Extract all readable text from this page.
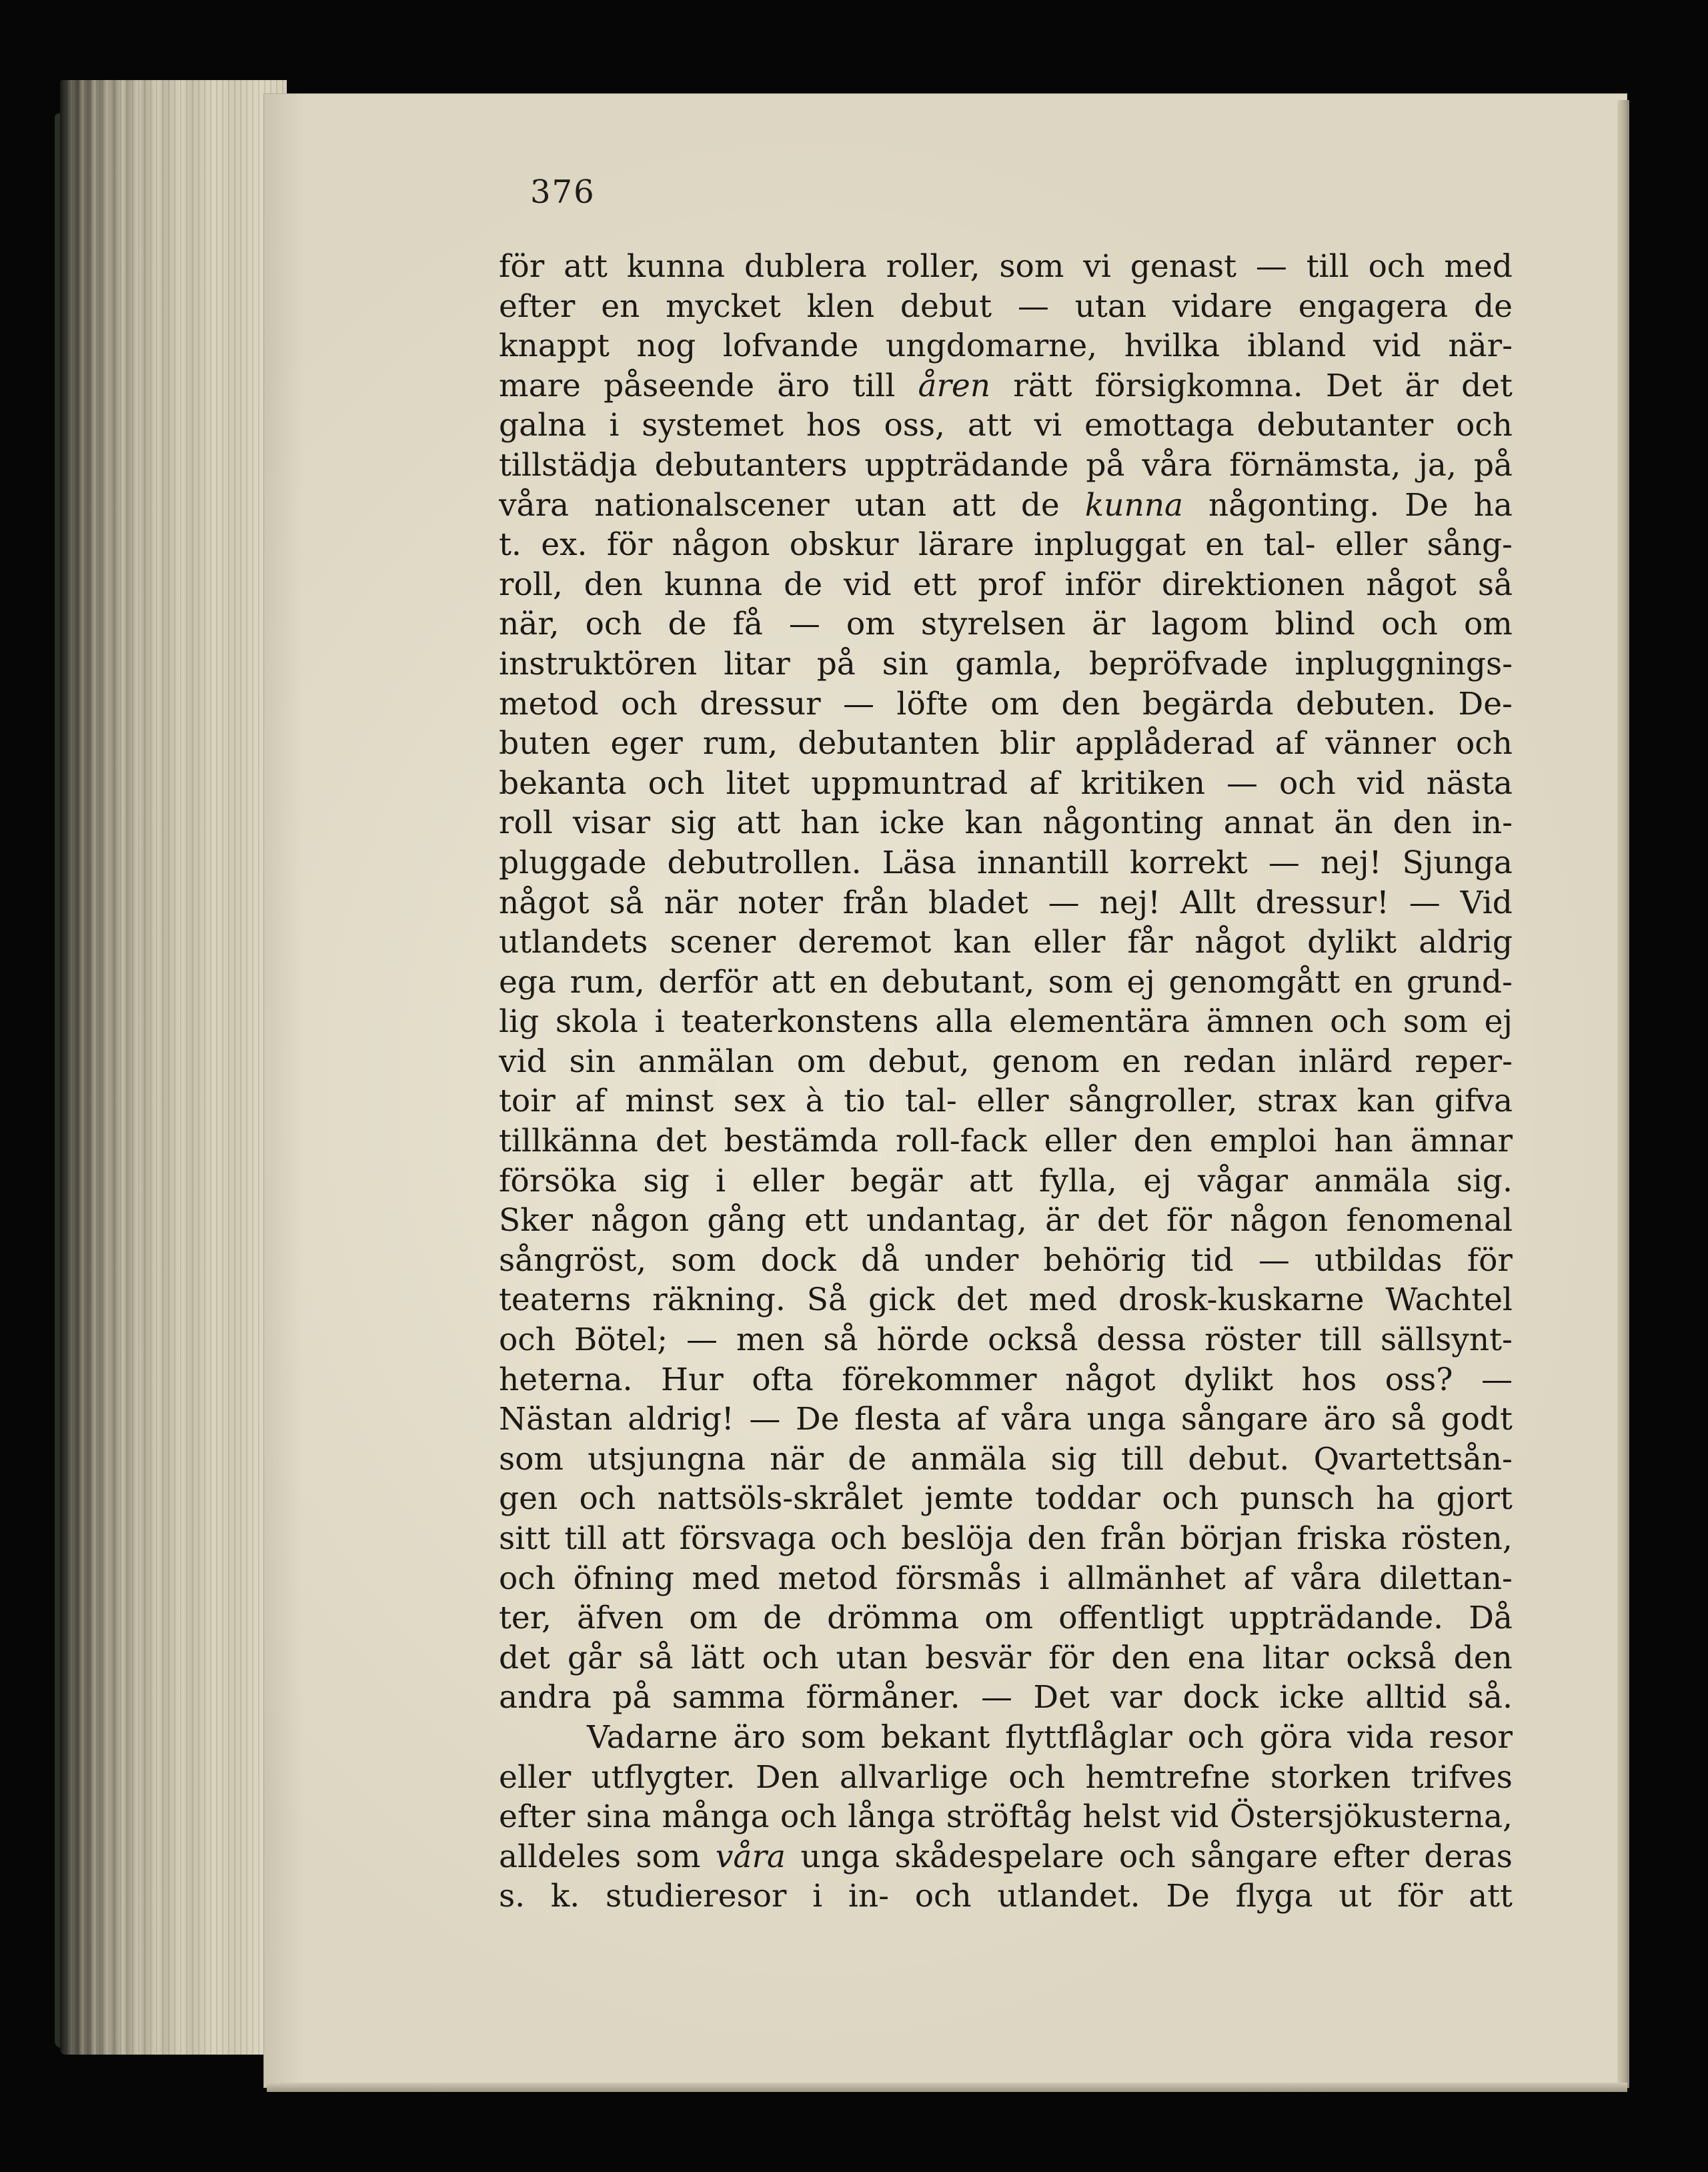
376
för att kunna dublera roller, som vi genast — till och med
efter en mycket klen debut — utan vidare engagera de
knappt nog lofvande ungdomarne, hvilka ibland vid när-
mare påseende äro till åren rätt försigkomna. Det är det
galna i systemet hos oss, att vi emottaga debutanter och
tillstädja debutanters uppträdande på våra förnämsta, ja, på
våra nationalscener utan att de kunna någonting. De ha
t. ex. för någon obskur lärare inpluggat en tal- eller sång-
roll, den kunna de vid ett prof inför direktionen något så
när, och de få — om styrelsen är lagom blind och om
instruktören litar på sin gamla, bepröfvade inpluggnings-
metod och dressur — löfte om den begärda debuten. De-
buten eger rum, debutanten blir applåderad af vänner och
bekanta och litet uppmuntrad af kritiken — och vid nästa
roll visar sig att han icke kan någonting annat än den in-
pluggade debutrollen. Läsa innantill korrekt — nej! Sjunga
något så när noter från bladet — nej! Allt dressur! — Vid
utlandets scener deremot kan eller får något dylikt aldrig
ega rum, derför att en debutant, som ej genomgått en grund-
lig skola i teaterkonstens alla elementära ämnen och som ej
vid sin anmälan om debut, genom en redan inlärd reper-
toir af minst sex à tio tal- eller sångroller, strax kan gifva
tillkänna det bestämda roll-fack eller den emploi han ämnar
försöka sig i eller begär att fylla, ej vågar anmäla sig.
Sker någon gång ett undantag, är det för någon fenomenal
sångröst, som dock då under behörig tid — utbildas för
teaterns räkning. Så gick det med drosk-kuskarne Wachtel
och Bötel; — men så hörde också dessa röster till sällsynt-
heterna. Hur ofta förekommer något dylikt hos oss? —
Nästan aldrig! — De flesta af våra unga sångare äro så godt
som utsjungna när de anmäla sig till debut. Qvartettsån-
gen och nattsöls-skrålet jemte toddar och punsch ha gjort
sitt till att försvaga och beslöja den från början friska rösten,
och öfning med metod försmås i allmänhet af våra dilettan-
ter, äfven om de drömma om offentligt uppträdande. Då
det går så lätt och utan besvär för den ena litar också den
andra på samma förmåner. — Det var dock icke alltid så.
Vadarne äro som bekant flyttflåglar och göra vida resor
eller utflygter. Den allvarlige och hemtrefne storken trifves
efter sina många och långa ströftåg helst vid Östersjökusterna,
alldeles som våra unga skådespelare och sångare efter deras
s. k. studieresor i in- och utlandet. De flyga ut för att
